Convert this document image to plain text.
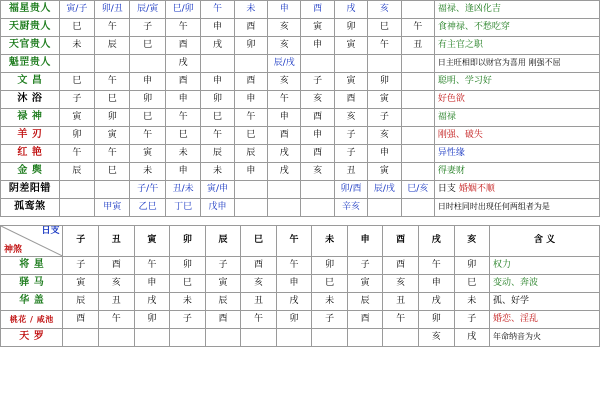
福星贵人	寅/子	卯/丑	辰/寅	巳/卯	午	未	申	酉	戌	亥		福禄、逢凶化吉
天厨贵人	巳	午	子	午	申	酉	亥	寅	卯	巳	午	食神禄、不愁吃穿
天官贵人	未	辰	巳	酉	戌	卯	亥	申	寅	午	丑	有主官之职
魁罡贵人				戌			辰/戌					日主旺相即以财官为喜用 刚强不屈
文 昌	巳	午	申	酉	申	酉	亥	子	寅	卯		聪明、学习好
沐 浴	子	巳	卯	申	卯	申	午	亥	酉	寅		好色欲
禄 神	寅	卯	巳	午	巳	午	申	酉	亥	子		福禄
羊 刃	卯	寅	午	巳	午	巳	酉	申	子	亥		刚强、破失
红 艳	午	午	寅	未	辰	辰	戌	酉	子	申		异性缘
金 舆	辰	巳	未	申	未	申	戌	亥	丑	寅		得妻财
阴差阳错			子/午	丑/未	寅/申				卯/酉	辰/戌	巳/亥	日支 婚姻不顺
孤鸾煞		甲寅	乙巳	丁巳	戊申				辛亥			日时柱同时出现任何两组者为是
日支
神煞	子	丑	寅	卯	辰	巳	午	未	申	酉	戌	亥	含 义
将 星	子	酉	午	卯	子	酉	午	卯	子	酉	午	卯	权力
驿 马	寅	亥	申	巳	寅	亥	申	巳	寅	亥	申	巳	变动、奔波
华 盖	辰	丑	戌	未	辰	丑	戌	未	辰	丑	戌	未	孤、好学
桃花 / 咸池	酉	午	卯	子	酉	午	卯	子	酉	午	卯	子	婚恋、淫乱
天 罗											亥	戌	年命纳音为火
